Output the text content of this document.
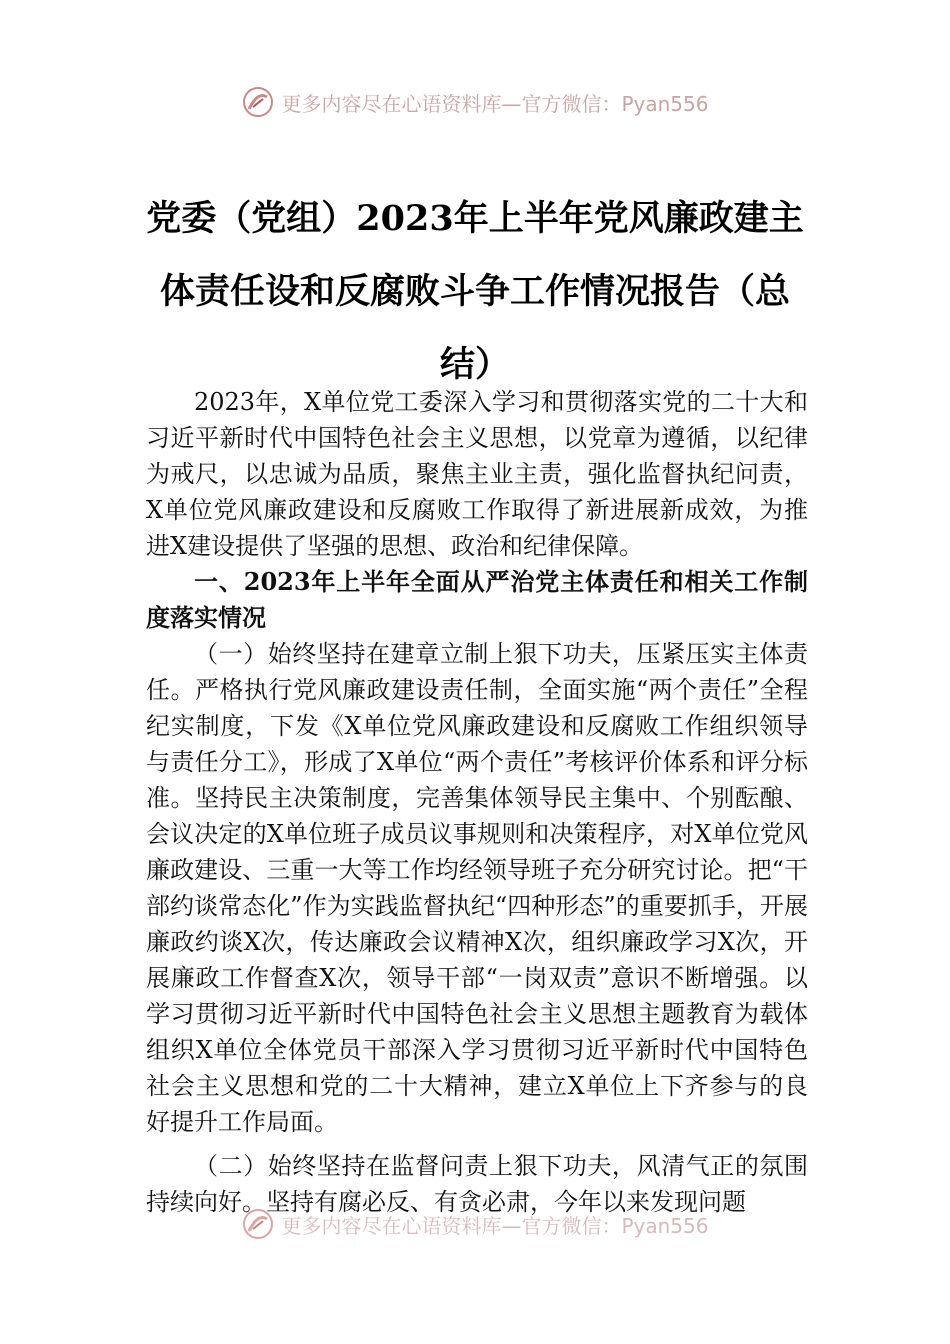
更多内容尽在心语资料库—官方微信：Pyan556
党委（党组）2023年上半年党风廉政建主
体责任设和反腐败斗争工作情况报告（总
结）

2023年，X单位党工委深入学习和贯彻落实党的二十大和习近平新时代中国特色社会主义思想，以党章为遵循，以纪律为戒尺，以忠诚为品质，聚焦主业主责，强化监督执纪问责，X单位党风廉政建设和反腐败工作取得了新进展新成效，为推进X建设提供了坚强的思想、政治和纪律保障。

一、2023年上半年全面从严治党主体责任和相关工作制度落实情况

（一）始终坚持在建章立制上狠下功夫，压紧压实主体责任。严格执行党风廉政建设责任制，全面实施“两个责任”全程纪实制度，下发《X单位党风廉政建设和反腐败工作组织领导与责任分工》，形成了X单位“两个责任”考核评价体系和评分标准。坚持民主决策制度，完善集体领导民主集中、个别酝酿、会议决定的X单位班子成员议事规则和决策程序，对X单位党风廉政建设、三重一大等工作均经领导班子充分研究讨论。把“干部约谈常态化”作为实践监督执纪“四种形态”的重要抓手，开展廉政约谈X次，传达廉政会议精神X次，组织廉政学习X次，开展廉政工作督查X次，领导干部“一岗双责”意识不断增强。以学习贯彻习近平新时代中国特色社会主义思想主题教育为载体组织X单位全体党员干部深入学习贯彻习近平新时代中国特色社会主义思想和党的二十大精神，建立X单位上下齐参与的良好提升工作局面。

（二）始终坚持在监督问责上狠下功夫，风清气正的氛围持续向好。坚持有腐必反、有贪必肃，今年以来发现问题

更多内容尽在心语资料库—官方微信：Pyan556
